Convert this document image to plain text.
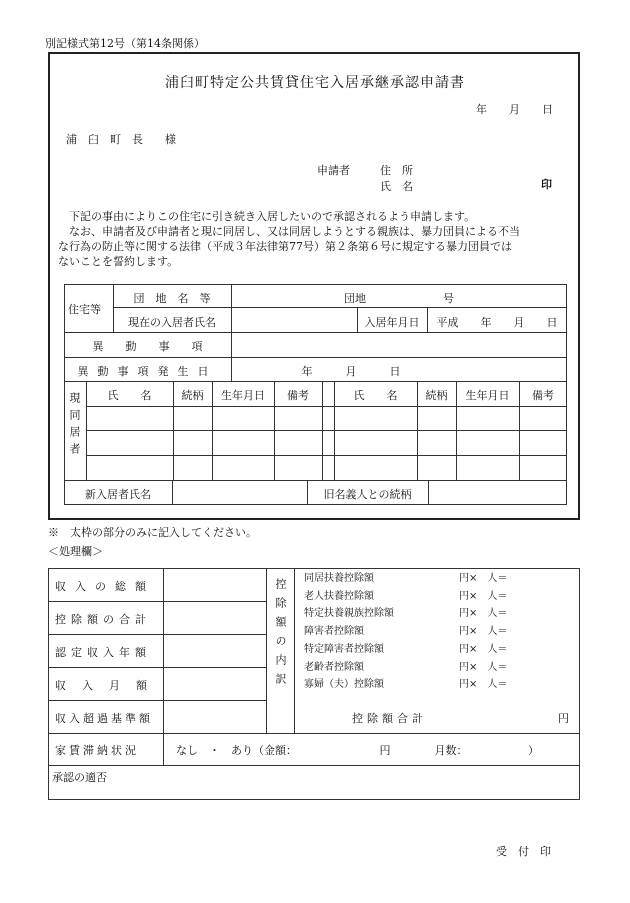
別記様式第12号（第14条関係）
浦臼町特定公共賃貸住宅入居承継承認申請書
年　　月　　日
浦　臼　町　長　　様
申請者	住　所
氏　名	印
　下記の事由によりこの住宅に引き続き入居したいので承認されるよう申請します。
　なお、申請者及び申請者と現に同居し、又は同居しようとする親族は、暴力団員による不当
な行為の防止等に関する法律（平成３年法律第77号）第２条第６号に規定する暴力団員では
ないことを誓約します。
住宅等
団　地　名　等	団地　　　　　　　号
現在の入居者氏名	入居年月日	平成　　年　　月　　日
異　　動　　事　　項
異動事項発生日	年　　　月　　　日
現同居者	氏　　名	続柄	生年月日	備考	氏　　名	続柄	生年月日	備考
新入居者氏名	旧名義人との続柄
※　太枠の部分のみに記入してください。
＜処理欄＞
収入の総額
控除額の合計
認定収入年額
収入月額
収入超過基準額
控除額の内訳 同居扶養控除額	円×　人＝
老人扶養控除額	円×　人＝
特定扶養親族控除額	円×　人＝
障害者控除額	円×　人＝
特定障害者控除額	円×　人＝
老齢者控除額	円×　人＝
寡婦（夫）控除額	円×　人＝
控除額合計	円
家賃滞納状況	なし　・　あり（金額：　　　　　　　　円　　　　月数：　　　　　　）
承認の適否
受　付　印
